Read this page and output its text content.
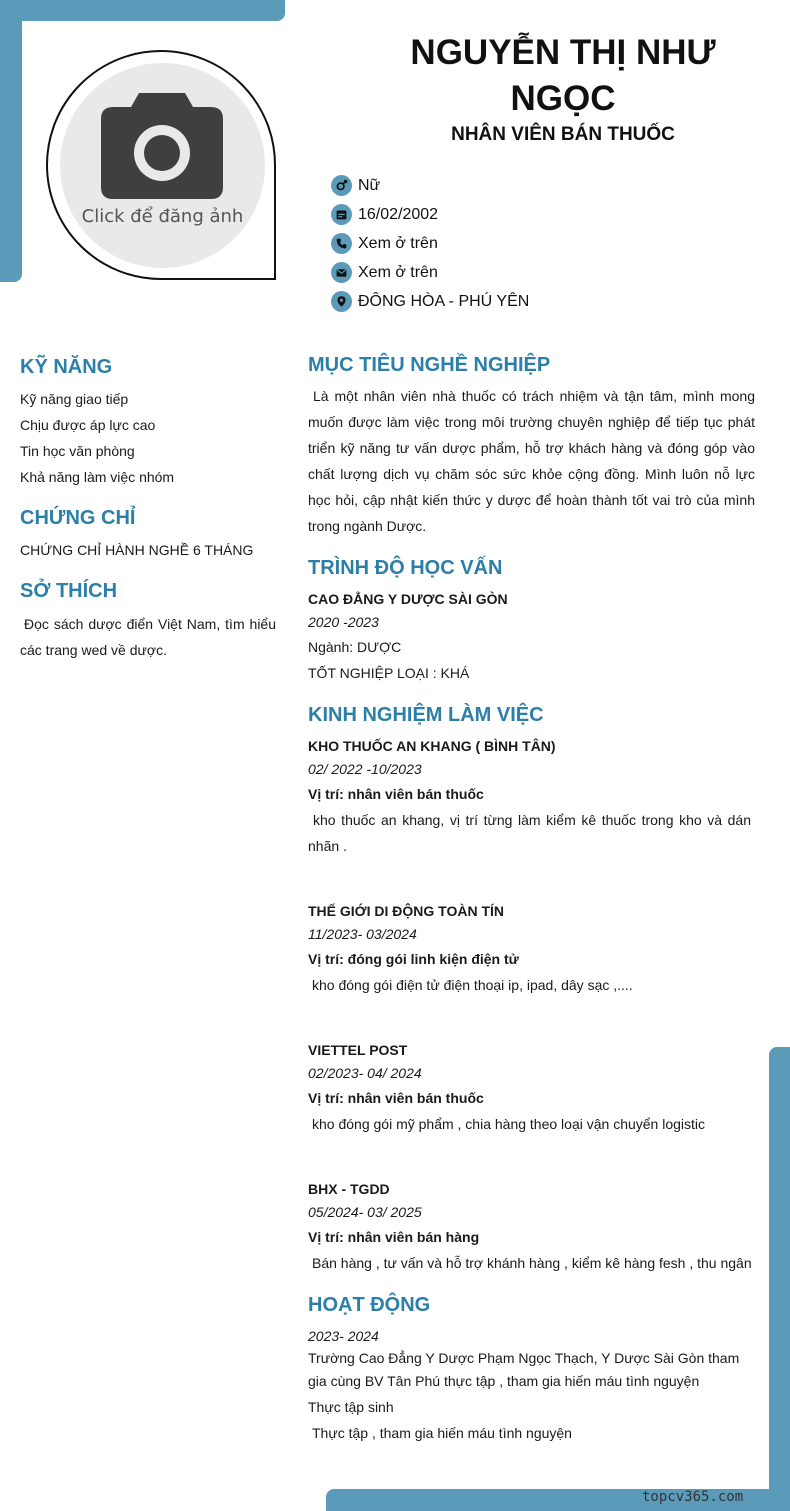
Click để đăng ảnh
NGUYỄN THỊ NHƯ
NGỌC
NHÂN VIÊN BÁN THUỐC
Nữ
16/02/2002
Xem ở trên
Xem ở trên
ĐÔNG HÒA - PHÚ YÊN
KỸ NĂNG
Kỹ năng giao tiếp
Chịu được áp lực cao
Tin học văn phòng
Khả năng làm việc nhóm
CHỨNG CHỈ
CHỨNG CHỈ HÀNH NGHỀ 6 THÁNG
SỞ THÍCH
Đọc sách dược điển Việt Nam, tìm hiểu các trang wed về dược.
MỤC TIÊU NGHỀ NGHIỆP
Là một nhân viên nhà thuốc có trách nhiệm và tận tâm, mình mong muốn được làm việc trong môi trường chuyên nghiệp để tiếp tục phát triển kỹ năng tư vấn dược phẩm, hỗ trợ khách hàng và đóng góp vào chất lượng dịch vụ chăm sóc sức khỏe cộng đồng. Mình luôn nỗ lực học hỏi, cập nhật kiến thức y dược để hoàn thành tốt vai trò của mình trong ngành Dược.
TRÌNH ĐỘ HỌC VẤN
CAO ĐẲNG Y DƯỢC SÀI GÒN
2020 -2023
Ngành: DƯỢC
TỐT NGHIỆP LOẠI : KHÁ
KINH NGHIỆM LÀM VIỆC
KHO THUỐC AN KHANG ( BÌNH TÂN)
02/ 2022 -10/2023
Vị trí: nhân viên bán thuốc
kho thuốc an khang, vị trí từng làm kiểm kê thuốc trong kho và dán nhãn .
THẾ GIỚI DI ĐỘNG TOÀN TÍN
11/2023- 03/2024
Vị trí: đóng gói linh kiện điện tử
kho đóng gói điện tử điện thoại ip, ipad, dây sạc ,....
VIETTEL POST
02/2023- 04/ 2024
Vị trí: nhân viên bán thuốc
kho đóng gói mỹ phẩm , chia hàng theo loại vận chuyển logistic
BHX - TGDD
05/2024- 03/ 2025
Vị trí: nhân viên bán hàng
Bán hàng , tư vấn và hỗ trợ khánh hàng , kiểm kê hàng fesh , thu ngân
HOẠT ĐỘNG
2023- 2024
Trường Cao Đẳng Y Dược Phạm Ngọc Thạch, Y Dược Sài Gòn tham gia cùng BV Tân Phú thực tập , tham gia hiến máu tình nguyện
Thực tập sinh
Thực tập , tham gia hiến máu tình nguyện
topcv365.com
